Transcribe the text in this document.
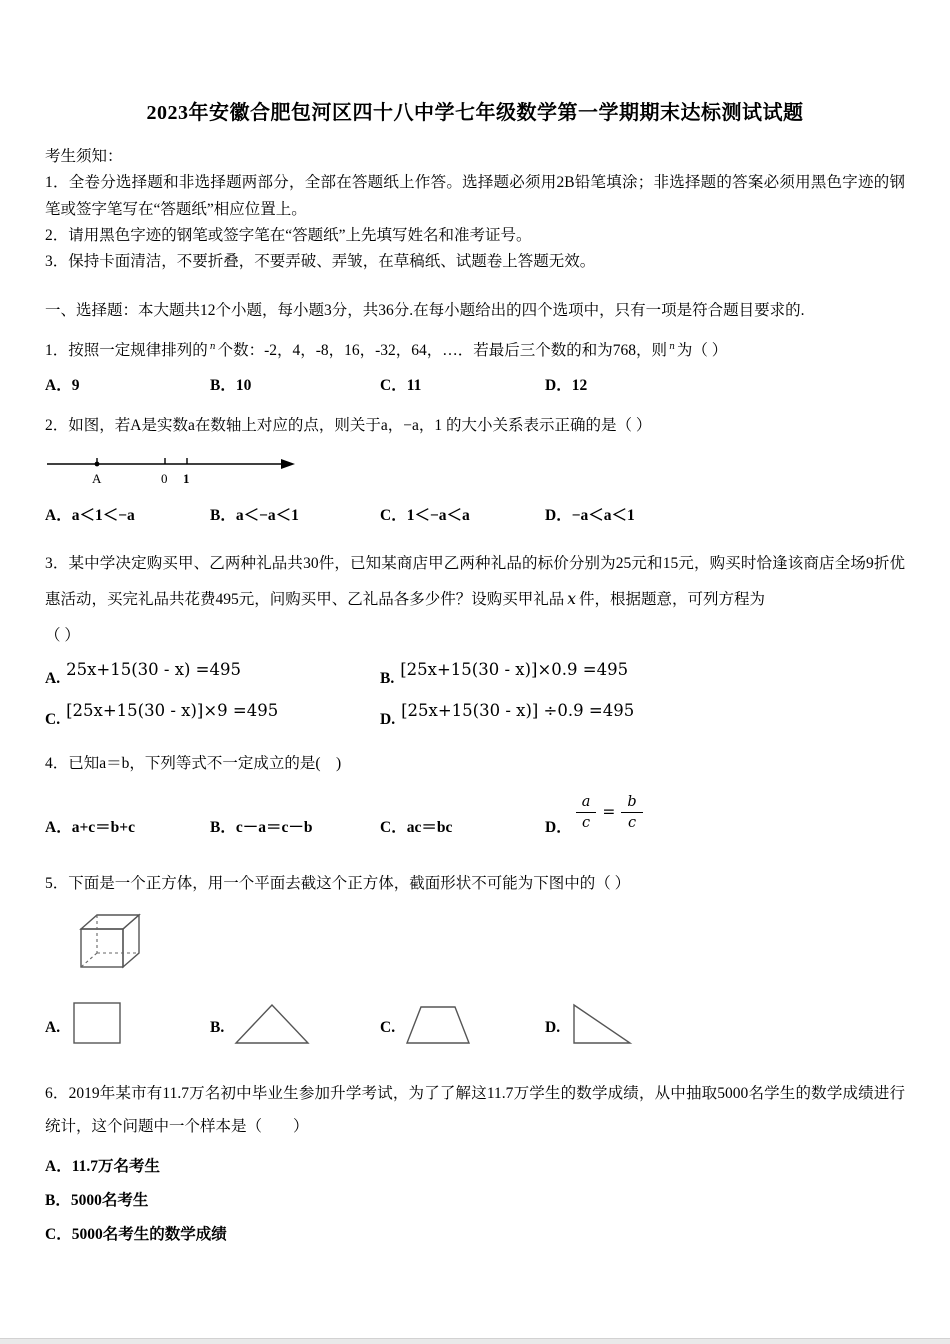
2023年安徽合肥包河区四十八中学七年级数学第一学期期末达标测试试题

考生须知：

1．全卷分选择题和非选择题两部分，全部在答题纸上作答。选择题必须用2B铅笔填涂；非选择题的答案必须用黑色字迹的钢笔或签字笔写在“答题纸”相应位置上。

2．请用黑色字迹的钢笔或签字笔在“答题纸”上先填写姓名和准考证号。

3．保持卡面清洁，不要折叠，不要弄破、弄皱，在草稿纸、试题卷上答题无效。

一、选择题：本大题共12个小题，每小题3分，共36分.在每小题给出的四个选项中，只有一项是符合题目要求的.

1．按照一定规律排列的 $^n$ 个数：-2，4，-8，16，-32，64，…．若最后三个数的和为768，则 $^n$ 为（ ）

A．9	B．10	C．11	D．12

2．如图，若A是实数a在数轴上对应的点，则关于a，−a，1 的大小关系表示正确的是（ ）

A	0 1
A．a＜1＜−a	B．a＜−a＜1	C．1＜−a＜a	D．−a＜a＜1

3．某中学决定购买甲、乙两种礼品共30件，已知某商店甲乙两种礼品的标价分别为25元和15元，购买时恰逢该商店全场9折优惠活动，买完礼品共花费495元，问购买甲、乙礼品各多少件？设购买甲礼品 x 件，根据题意，可列方程为
（ ）

A. 25x+15(30 - x) =495	B. [25x+15(30 - x)]×0.9 =495
C. [25x+15(30 - x)]×9 =495	D. [25x+15(30 - x)] ÷0.9 =495

4．已知a＝b，下列等式不一定成立的是(　)

A．a+c＝b+c	B．c－a＝c－b	C．ac＝bc	D． $\frac{a}{c} = \frac{b}{c}$

5．下面是一个正方体，用一个平面去截这个正方体，截面形状不可能为下图中的（ ）

A.	B.	C.	D.

6．2019年某市有11.7万名初中毕业生参加升学考试，为了了解这11.7万学生的数学成绩，从中抽取5000名学生的数学成绩进行统计，这个问题中一个样本是（　　）

A．11.7万名考生

B．5000名考生

C．5000名考生的数学成绩
